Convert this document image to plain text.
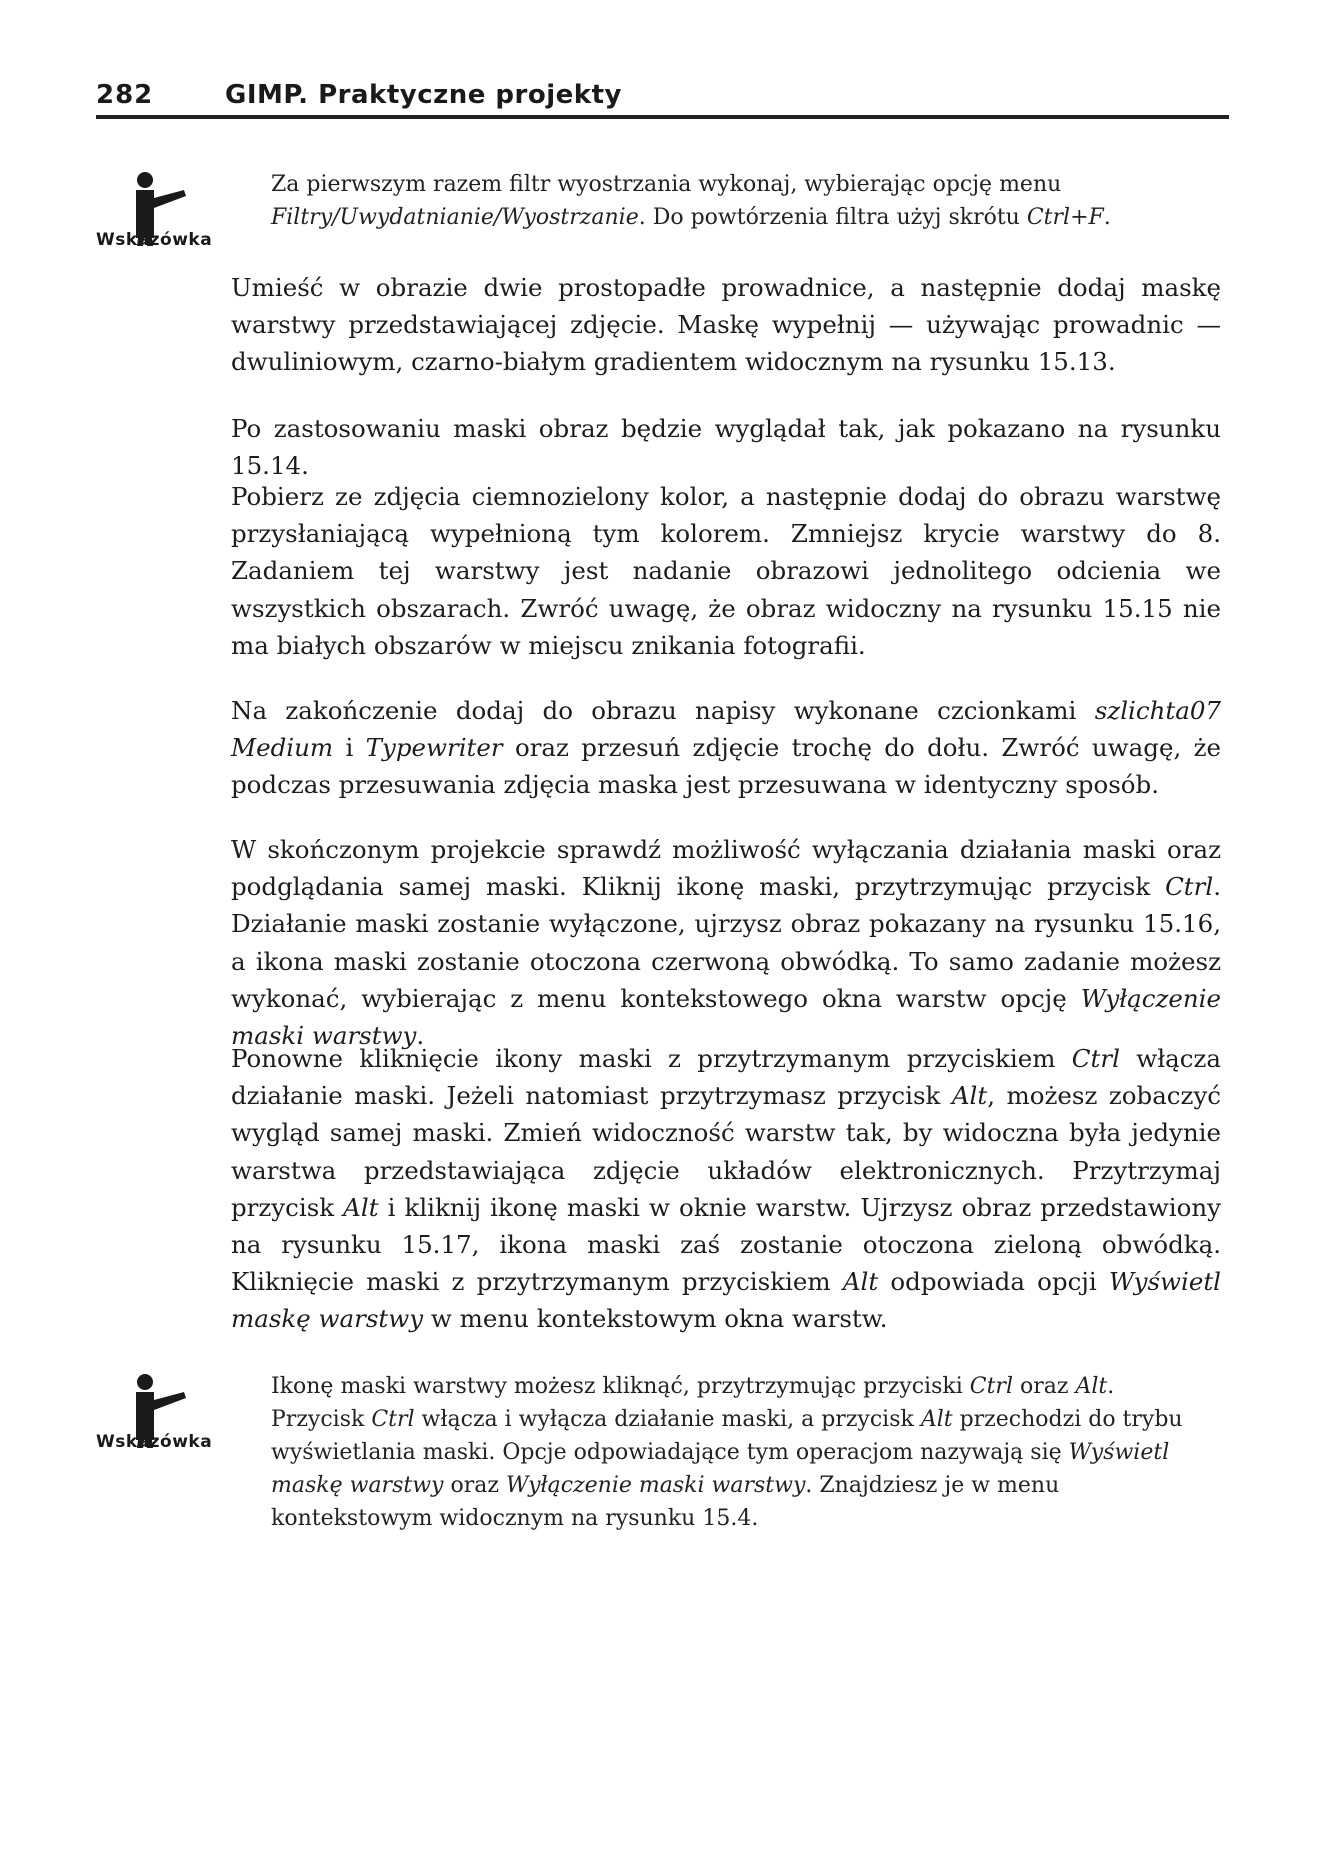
282	GIMP. Praktyczne projekty
Wskazówka
Za pierwszym razem filtr wyostrzania wykonaj, wybierając opcję menu Filtry/Uwydatnianie/Wyostrzanie. Do powtórzenia filtra użyj skrótu Ctrl+F.

Umieść w obrazie dwie prostopadłe prowadnice, a następnie dodaj maskę warstwy przedstawiającej zdjęcie. Maskę wypełnij — używając prowadnic — dwuliniowym, czarno-białym gradientem widocznym na rysunku 15.13.

Po zastosowaniu maski obraz będzie wyglądał tak, jak pokazano na rysunku 15.14.

Pobierz ze zdjęcia ciemnozielony kolor, a następnie dodaj do obrazu warstwę przysłaniającą wypełnioną tym kolorem. Zmniejsz krycie warstwy do 8. Zadaniem tej warstwy jest nadanie obrazowi jednolitego odcienia we wszystkich obszarach. Zwróć uwagę, że obraz widoczny na rysunku 15.15 nie ma białych obszarów w miejscu znikania fotografii.

Na zakończenie dodaj do obrazu napisy wykonane czcionkami szlichta07 Medium i Typewriter oraz przesuń zdjęcie trochę do dołu. Zwróć uwagę, że podczas przesuwania zdjęcia maska jest przesuwana w identyczny sposób.

W skończonym projekcie sprawdź możliwość wyłączania działania maski oraz podglądania samej maski. Kliknij ikonę maski, przytrzymując przycisk Ctrl. Działanie maski zostanie wyłączone, ujrzysz obraz pokazany na rysunku 15.16, a ikona maski zostanie otoczona czerwoną obwódką. To samo zadanie możesz wykonać, wybierając z menu kontekstowego okna warstw opcję Wyłączenie maski warstwy.

Ponowne kliknięcie ikony maski z przytrzymanym przyciskiem Ctrl włącza działanie maski. Jeżeli natomiast przytrzymasz przycisk Alt, możesz zobaczyć wygląd samej maski. Zmień widoczność warstw tak, by widoczna była jedynie warstwa przedstawiająca zdjęcie układów elektronicznych. Przytrzymaj przycisk Alt i kliknij ikonę maski w oknie warstw. Ujrzysz obraz przedstawiony na rysunku 15.17, ikona maski zaś zostanie otoczona zieloną obwódką. Kliknięcie maski z przytrzymanym przyciskiem Alt odpowiada opcji Wyświetl maskę warstwy w menu kontekstowym okna warstw.

Wskazówka
Ikonę maski warstwy możesz kliknąć, przytrzymując przyciski Ctrl oraz Alt. Przycisk Ctrl włącza i wyłącza działanie maski, a przycisk Alt przechodzi do trybu wyświetlania maski. Opcje odpowiadające tym operacjom nazywają się Wyświetl maskę warstwy oraz Wyłączenie maski warstwy. Znajdziesz je w menu kontekstowym widocznym na rysunku 15.4.
